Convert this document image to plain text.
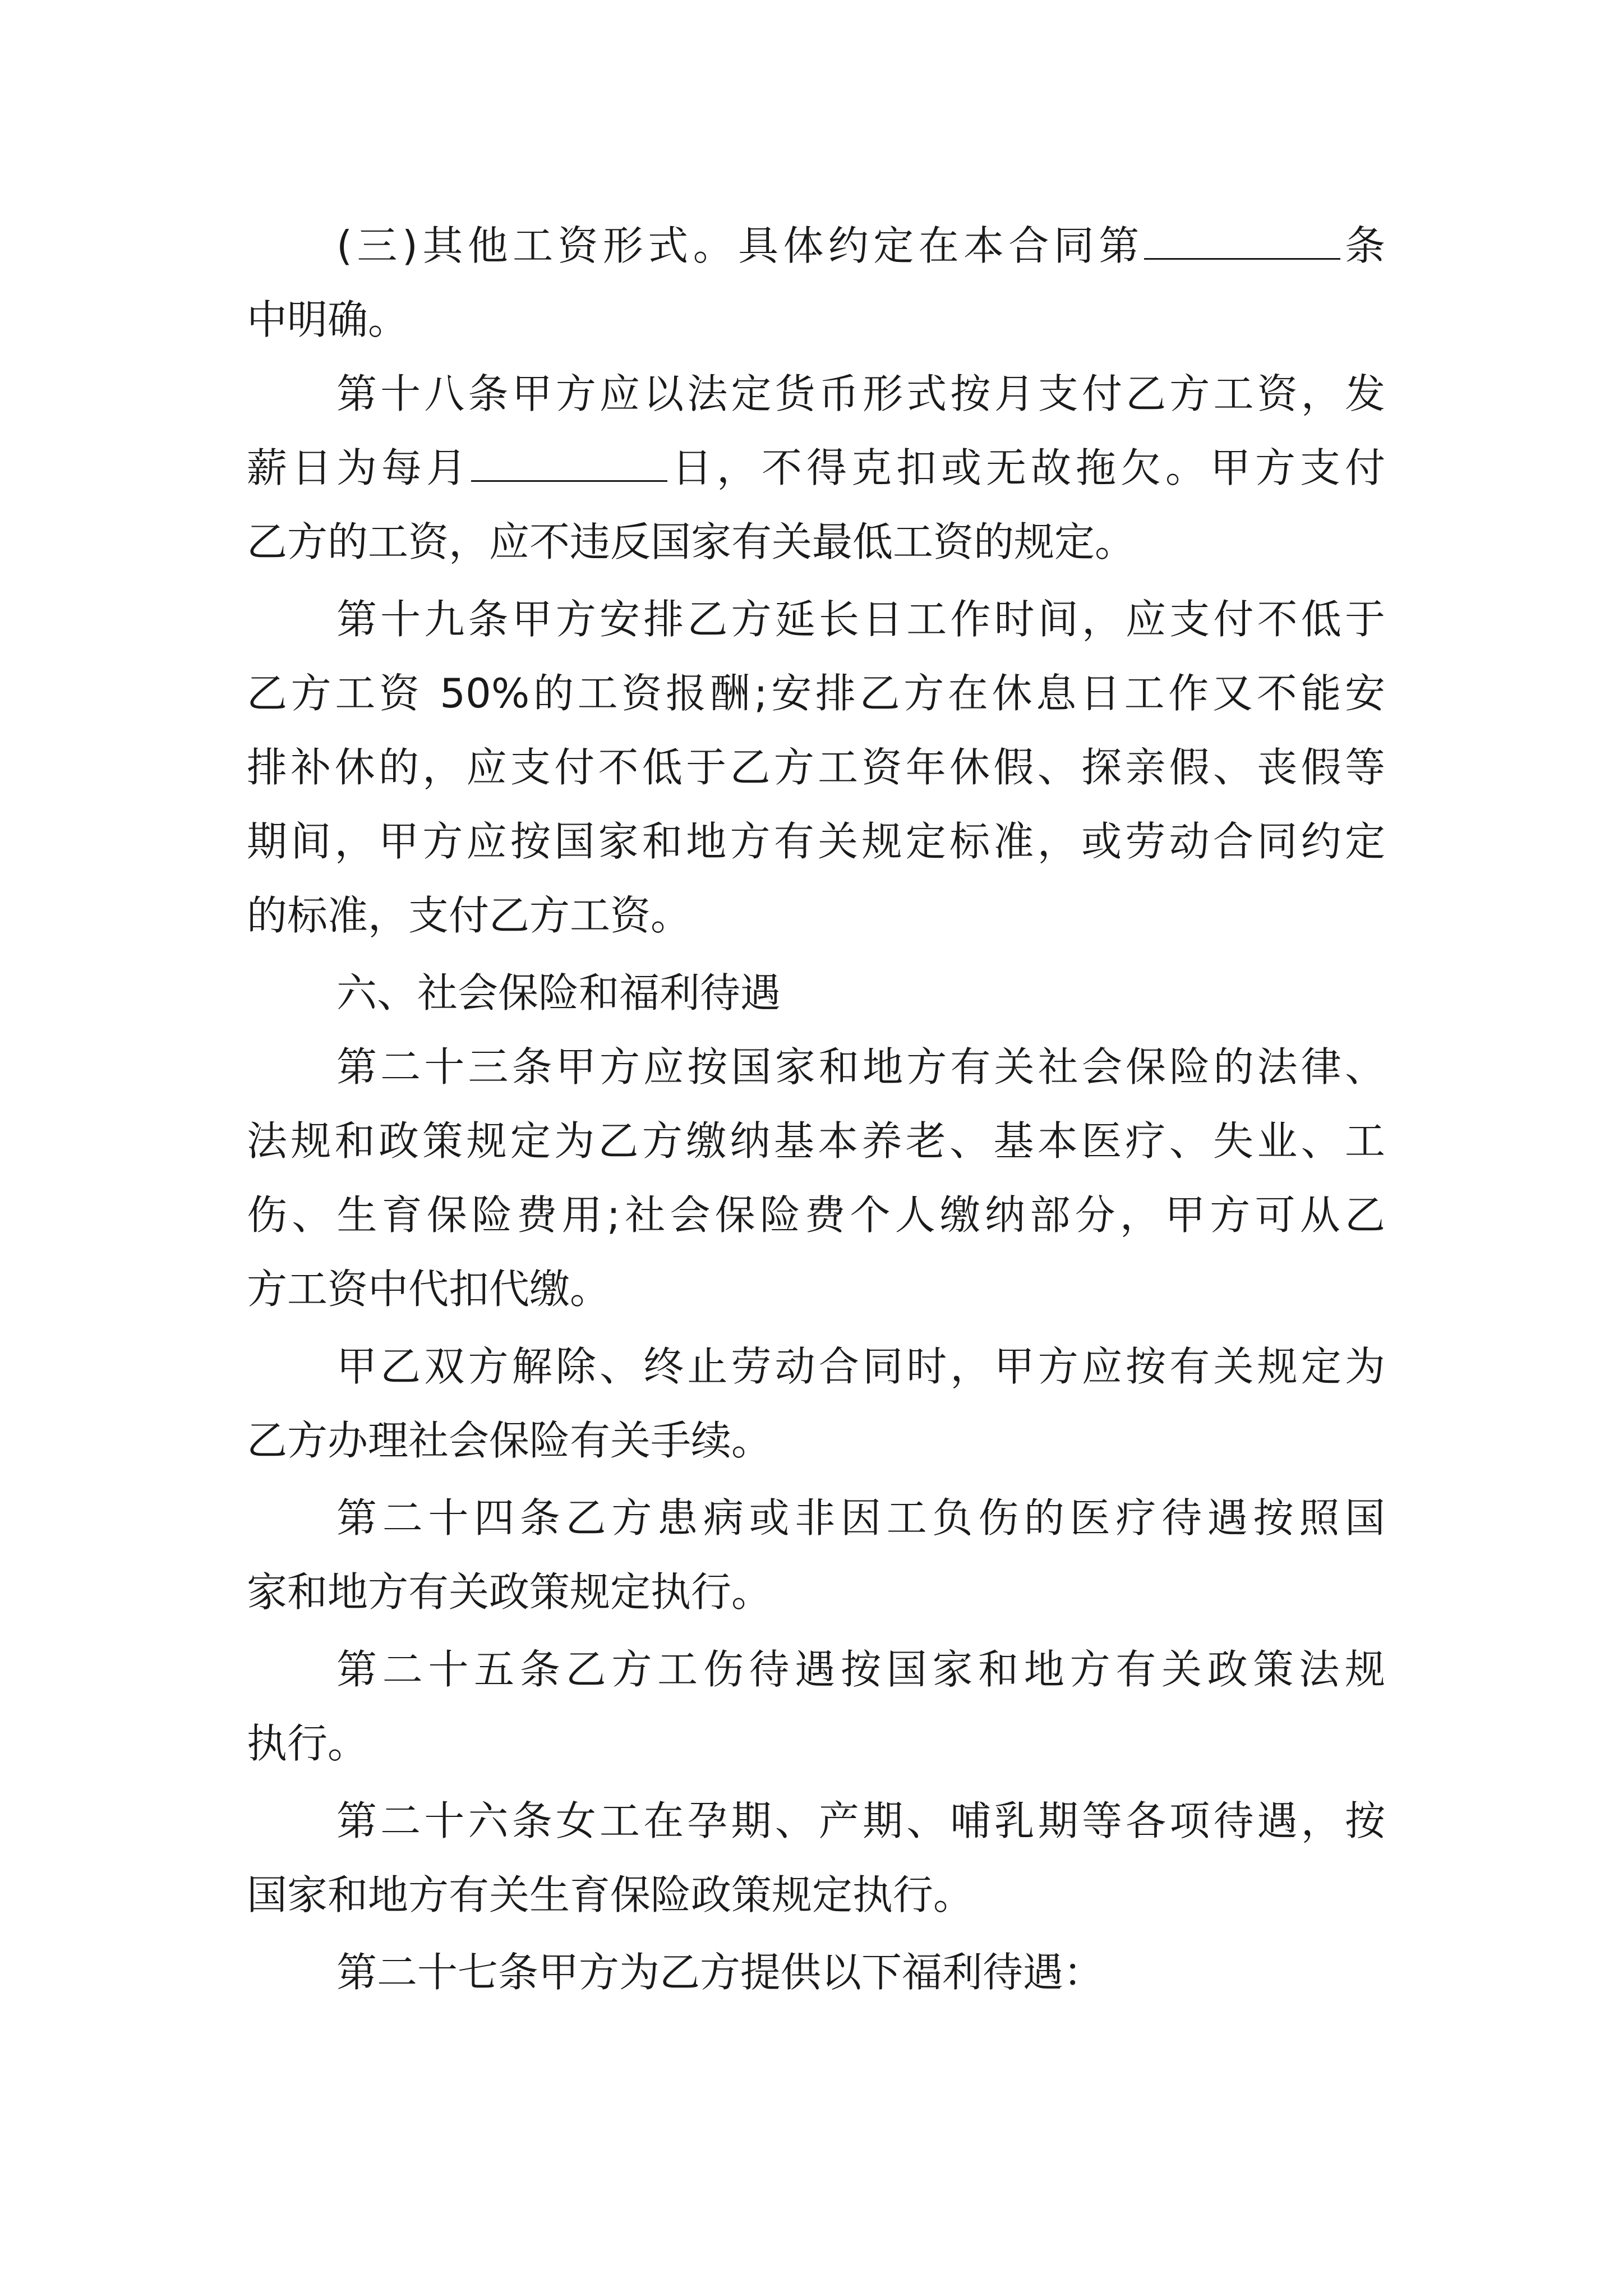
(三)其他工资形式。具体约定在本合同第	条
中明确。
第十八条甲方应以法定货币形式按月支付乙方工资，发
薪日为每月	日，不得克扣或无故拖欠。甲方支付
乙方的工资，应不违反国家有关最低工资的规定。
第十九条甲方安排乙方延长日工作时间，应支付不低于
乙方工资 50%的工资报酬;安排乙方在休息日工作又不能安
排补休的，应支付不低于乙方工资年休假、探亲假、丧假等
期间，甲方应按国家和地方有关规定标准，或劳动合同约定
的标准，支付乙方工资。
六、社会保险和福利待遇
第二十三条甲方应按国家和地方有关社会保险的法律、
法规和政策规定为乙方缴纳基本养老、基本医疗、失业、工
伤、生育保险费用;社会保险费个人缴纳部分，甲方可从乙
方工资中代扣代缴。
甲乙双方解除、终止劳动合同时，甲方应按有关规定为
乙方办理社会保险有关手续。
第二十四条乙方患病或非因工负伤的医疗待遇按照国
家和地方有关政策规定执行。
第二十五条乙方工伤待遇按国家和地方有关政策法规
执行。
第二十六条女工在孕期、产期、哺乳期等各项待遇，按
国家和地方有关生育保险政策规定执行。
第二十七条甲方为乙方提供以下福利待遇：
